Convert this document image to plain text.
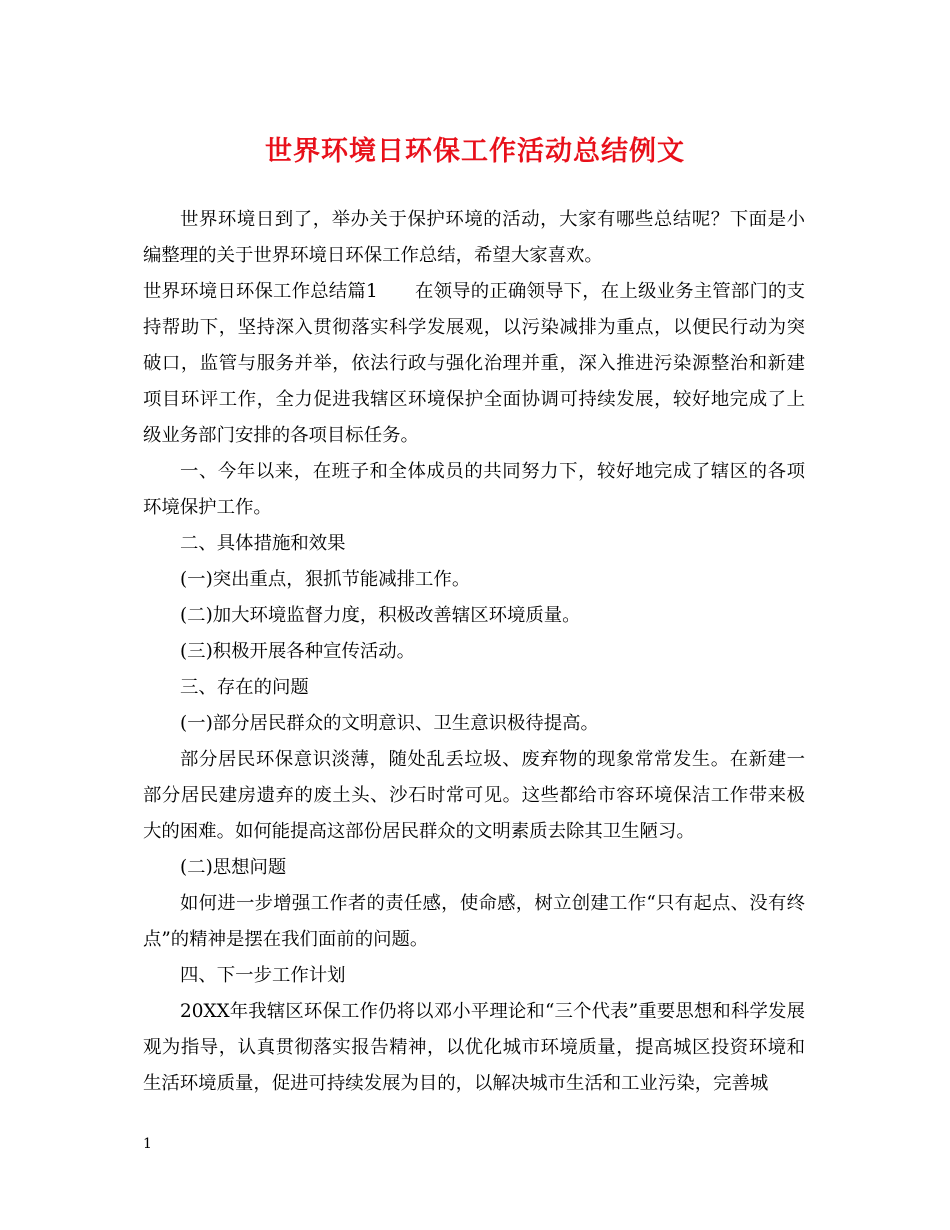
世界环境日环保工作活动总结例文

世界环境日到了，举办关于保护环境的活动，大家有哪些总结呢？下面是小编整理的关于世界环境日环保工作总结，希望大家喜欢。

世界环境日环保工作总结篇1　　在领导的正确领导下，在上级业务主管部门的支持帮助下，坚持深入贯彻落实科学发展观，以污染减排为重点，以便民行动为突破口，监管与服务并举，依法行政与强化治理并重，深入推进污染源整治和新建项目环评工作，全力促进我辖区环境保护全面协调可持续发展，较好地完成了上级业务部门安排的各项目标任务。

一、今年以来，在班子和全体成员的共同努力下，较好地完成了辖区的各项环境保护工作。

二、具体措施和效果

(一)突出重点，狠抓节能减排工作。

(二)加大环境监督力度，积极改善辖区环境质量。

(三)积极开展各种宣传活动。

三、存在的问题

(一)部分居民群众的文明意识、卫生意识极待提高。

部分居民环保意识淡薄，随处乱丢垃圾、废弃物的现象常常发生。在新建一部分居民建房遗弃的废土头、沙石时常可见。这些都给市容环境保洁工作带来极大的困难。如何能提高这部份居民群众的文明素质去除其卫生陋习。

(二)思想问题

如何进一步增强工作者的责任感，使命感，树立创建工作“只有起点、没有终点”的精神是摆在我们面前的问题。

四、下一步工作计划

20XX年我辖区环保工作仍将以邓小平理论和“三个代表”重要思想和科学发展观为指导，认真贯彻落实报告精神，以优化城市环境质量，提高城区投资环境和生活环境质量，促进可持续发展为目的，以解决城市生活和工业污染，完善城

1
